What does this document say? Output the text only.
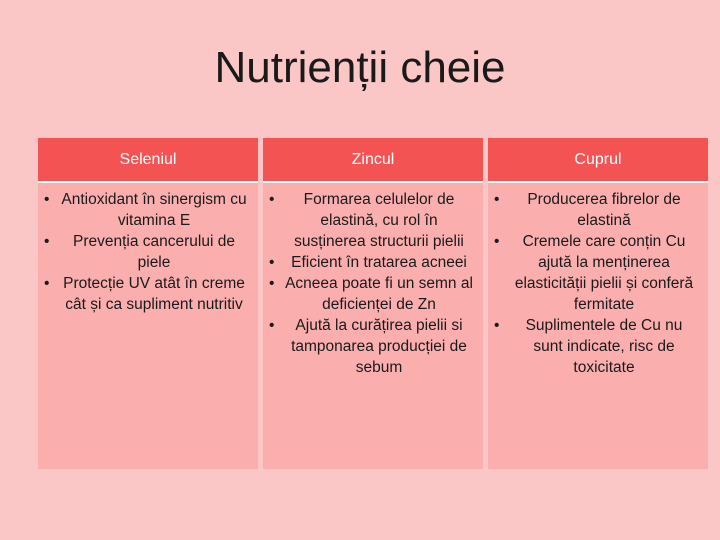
Nutrienții cheie
Seleniul
• Antioxidant în sinergism cu vitamina E
• Prevenția cancerului de piele
• Protecție UV atât în creme cât și ca supliment nutritiv
Zincul
• Formarea celulelor de elastină, cu rol în susținerea structurii pielii
• Eficient în tratarea acneei
• Acneea poate fi un semn al deficienței de Zn
• Ajută la curățirea pielii si tamponarea producției de sebum
Cuprul
• Producerea fibrelor de elastină
• Cremele care conțin Cu ajută la menținerea elasticității pielii și conferă fermitate
• Suplimentele de Cu nu sunt indicate, risc de toxicitate
